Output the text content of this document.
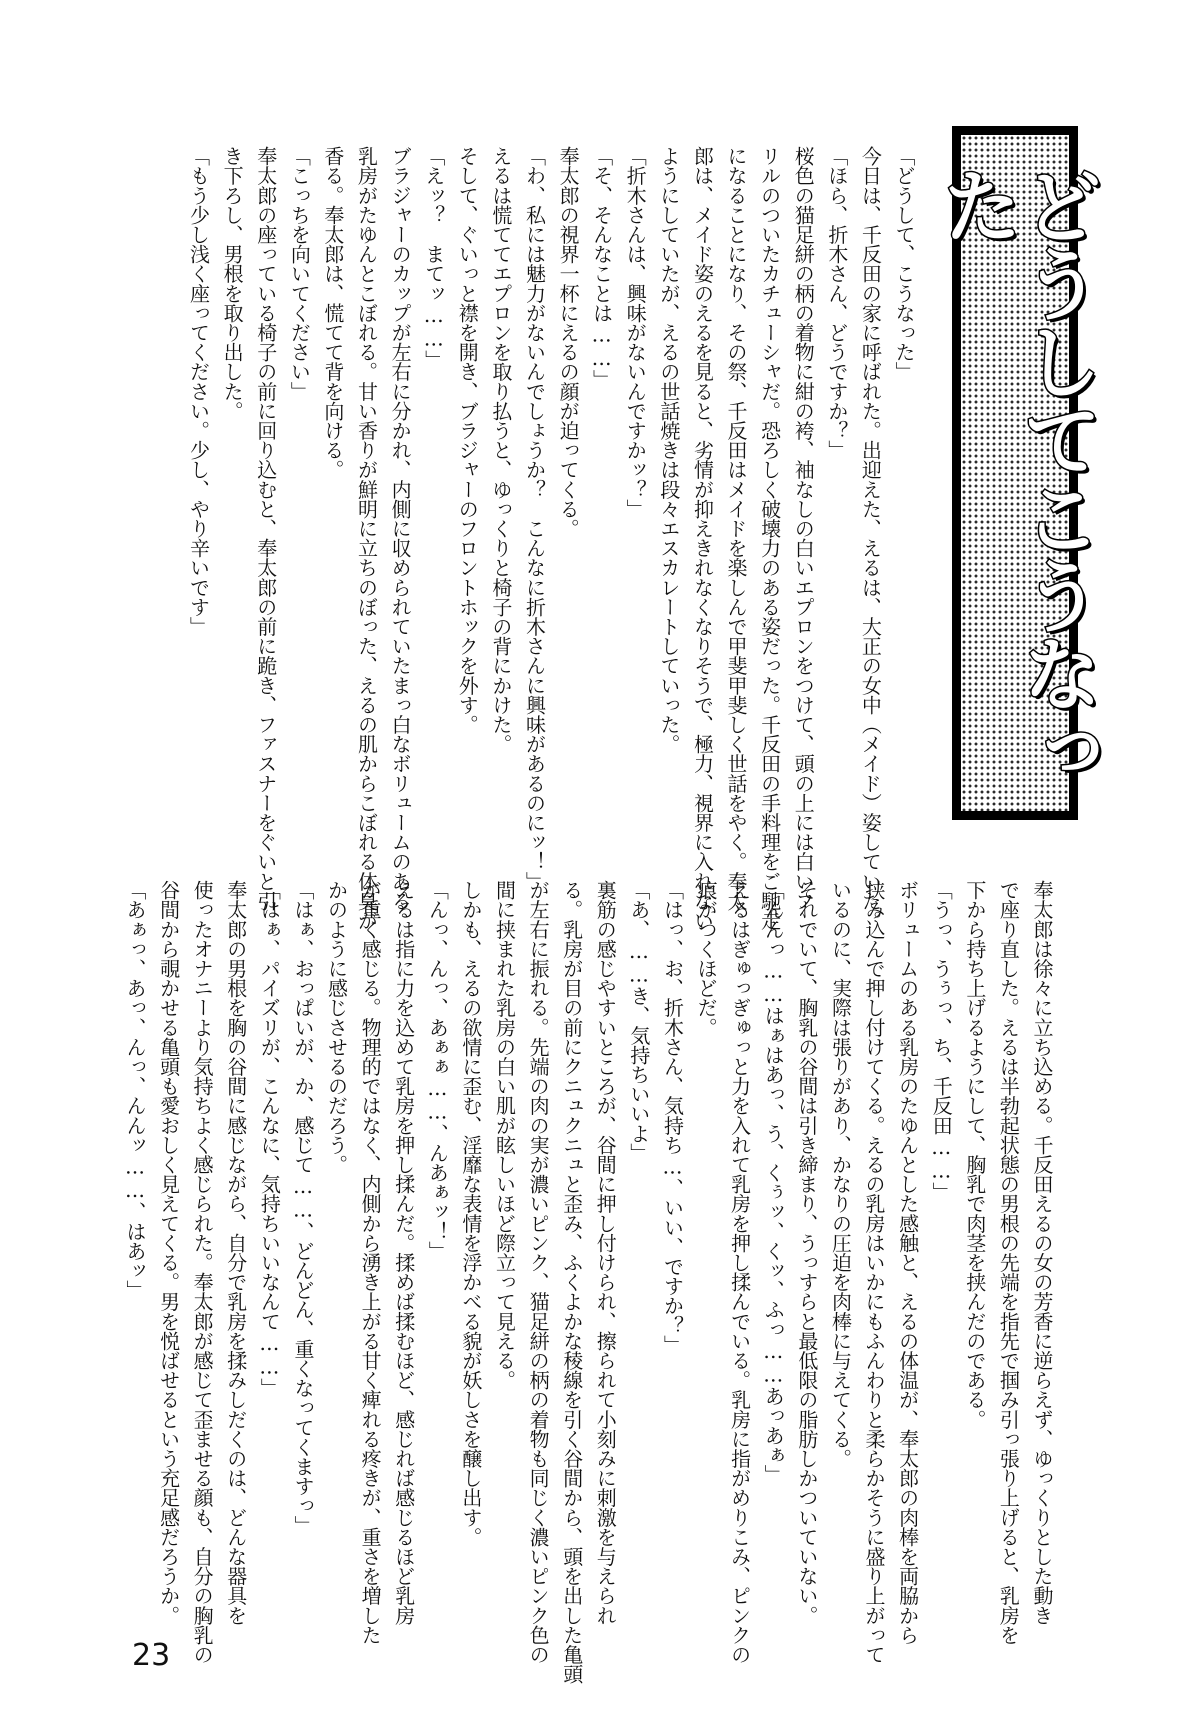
どうしてこうなった
「どうして、こうなった」
今日は、千反田の家に呼ばれた。出迎えた、えるは、大正の女中（メイド）姿していた。
「ほら、折木さん、どうですか？」
桜色の猫足絣の柄の着物に紺の袴、袖なしの白いエプロンをつけて、頭の上には白いフ
リルのついたカチューシャだ。恐ろしく破壊力のある姿だった。千反田の手料理をご馳走
になることになり、その祭、千反田はメイドを楽しんで甲斐甲斐しく世話をやく。奉太
郎は、メイド姿のえるを見ると、劣情が抑えきれなくなりそうで、極力、視界に入れない
ようにしていたが、えるの世話焼きは段々エスカレートしていった。
「折木さんは、興味がないんですかッ？」
「そ、そんなことは……」
奉太郎の視界一杯にえるの顔が迫ってくる。
「わ、私には魅力がないんでしょうか？　こんなに折木さんに興味があるのにッ！」
えるは慌ててエプロンを取り払うと、ゆっくりと椅子の背にかけた。
そして、ぐいっと襟を開き、ブラジャーのフロントホックを外す。
「えッ？　まてッ……」
ブラジャーのカップが左右に分かれ、内側に収められていたまっ白なボリュームのある
乳房がたゆんとこぼれる。甘い香りが鮮明に立ちのぼった、えるの肌からこぼれる体臭が
香る。奉太郎は、慌てて背を向ける。
「こっちを向いてください」
奉太郎の座っている椅子の前に回り込むと、奉太郎の前に跪き、ファスナーをぐいと引
き下ろし、男根を取り出した。
「もう少し浅く座ってください。少し、やり辛いです」
奉太郎は徐々に立ち込める。千反田えるの女の芳香に逆らえず、ゆっくりとした動き
で座り直した。えるは半勃起状態の男根の先端を指先で掴み引っ張り上げると、乳房を
下から持ち上げるようにして、胸乳で肉茎を挟んだのである。
「うっ、うぅっ、ち、千反田……」
ボリュームのある乳房のたゆんとした感触と、えるの体温が、奉太郎の肉棒を両脇から
挟み込んで押し付けてくる。えるの乳房はいかにもふんわりと柔らかそうに盛り上がって
いるのに、実際は張りがあり、かなりの圧迫を肉棒に与えてくる。
それでいて、胸乳の谷間は引き締まり、うっすらと最低限の脂肪しかついていない。
「んんっ……はぁはあっ、う、くぅッ、くッ、ふっ……あっあぁ」
えるはぎゅっぎゅっと力を入れて乳房を押し揉んでいる。乳房に指がめりこみ、ピンクの
痕がつくほどだ。
「はっ、お、折木さん、気持ち…、いい、ですか？」
「あ、……き、気持ちいいよ」
裏筋の感じやすいところが、谷間に押し付けられ、擦られて小刻みに刺激を与えられ
る。乳房が目の前にクニュクニュと歪み、ふくよかな稜線を引く谷間から、頭を出した亀頭
が左右に振れる。先端の肉の実が濃いピンク、猫足絣の柄の着物も同じく濃いピンク色の
間に挟まれた乳房の白い肌が眩しいほど際立って見える。
しかも、えるの欲情に歪む、淫靡な表情を浮かべる貌が妖しさを醸し出す。
「んっ、んっ、あぁぁ……、んあぁッ！」
えるは指に力を込めて乳房を押し揉んだ。揉めば揉むほど、感じれば感じるほど乳房
が重く感じる。物理的ではなく、内側から湧き上がる甘く痺れる疼きが、重さを増した
かのように感じさせるのだろう。
「はぁ、おっぱいが、か、感じて……、どんどん、重くなってくますっ」
「はぁ、パイズリが、こんなに、気持ちいいなんて……」
奉太郎の男根を胸の谷間に感じながら、自分で乳房を揉みしだくのは、どんな器具を
使ったオナニーより気持ちよく感じられた。奉太郎が感じて歪ませる顔も、自分の胸乳の
谷間から覗かせる亀頭も愛おしく見えてくる。男を悦ばせるという充足感だろうか。
「あぁっ、あっ、んっ、んんッ……、はあッ」
23
